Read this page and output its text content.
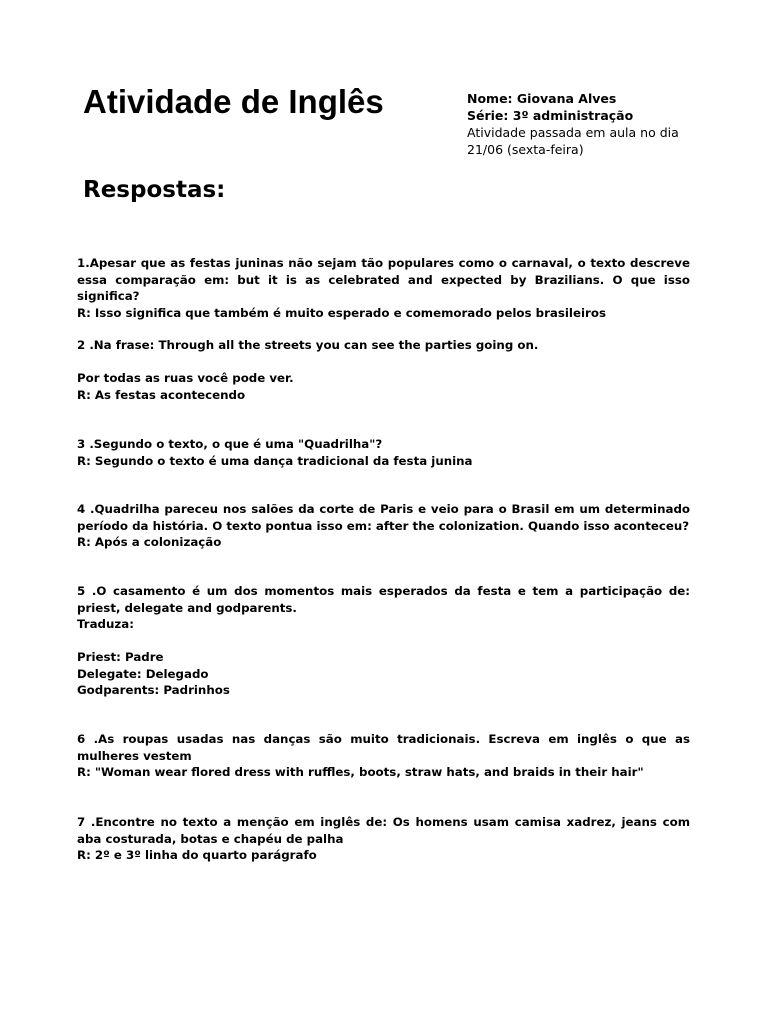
Atividade de Inglês	Nome: Giovana Alves
Série: 3º administração
Atividade passada em aula no dia 21/06 (sexta-feira)
Respostas:

1.Apesar que as festas juninas não sejam tão populares como o carnaval, o texto descreve essa comparação em: but it is as celebrated and expected by Brazilians. O que isso significa?

R: Isso significa que também é muito esperado e comemorado pelos brasileiros

2 .Na frase: Through all the streets you can see the parties going on.

Por todas as ruas você pode ver.

R: As festas acontecendo

3 .Segundo o texto, o que é uma "Quadrilha"?

R: Segundo o texto é uma dança tradicional da festa junina

4 .Quadrilha pareceu nos salões da corte de Paris e veio para o Brasil em um determinado período da história. O texto pontua isso em: after the colonization. Quando isso aconteceu?

R: Após a colonização

5 .O casamento é um dos momentos mais esperados da festa e tem a participação de: priest, delegate and godparents.

Traduza:

Priest: Padre

Delegate: Delegado

Godparents: Padrinhos

6 .As roupas usadas nas danças são muito tradicionais. Escreva em inglês o que as mulheres vestem

R: "Woman wear flored dress with ruffles, boots, straw hats, and braids in their hair"

7 .Encontre no texto a menção em inglês de: Os homens usam camisa xadrez, jeans com aba costurada, botas e chapéu de palha

R: 2º e 3º linha do quarto parágrafo
